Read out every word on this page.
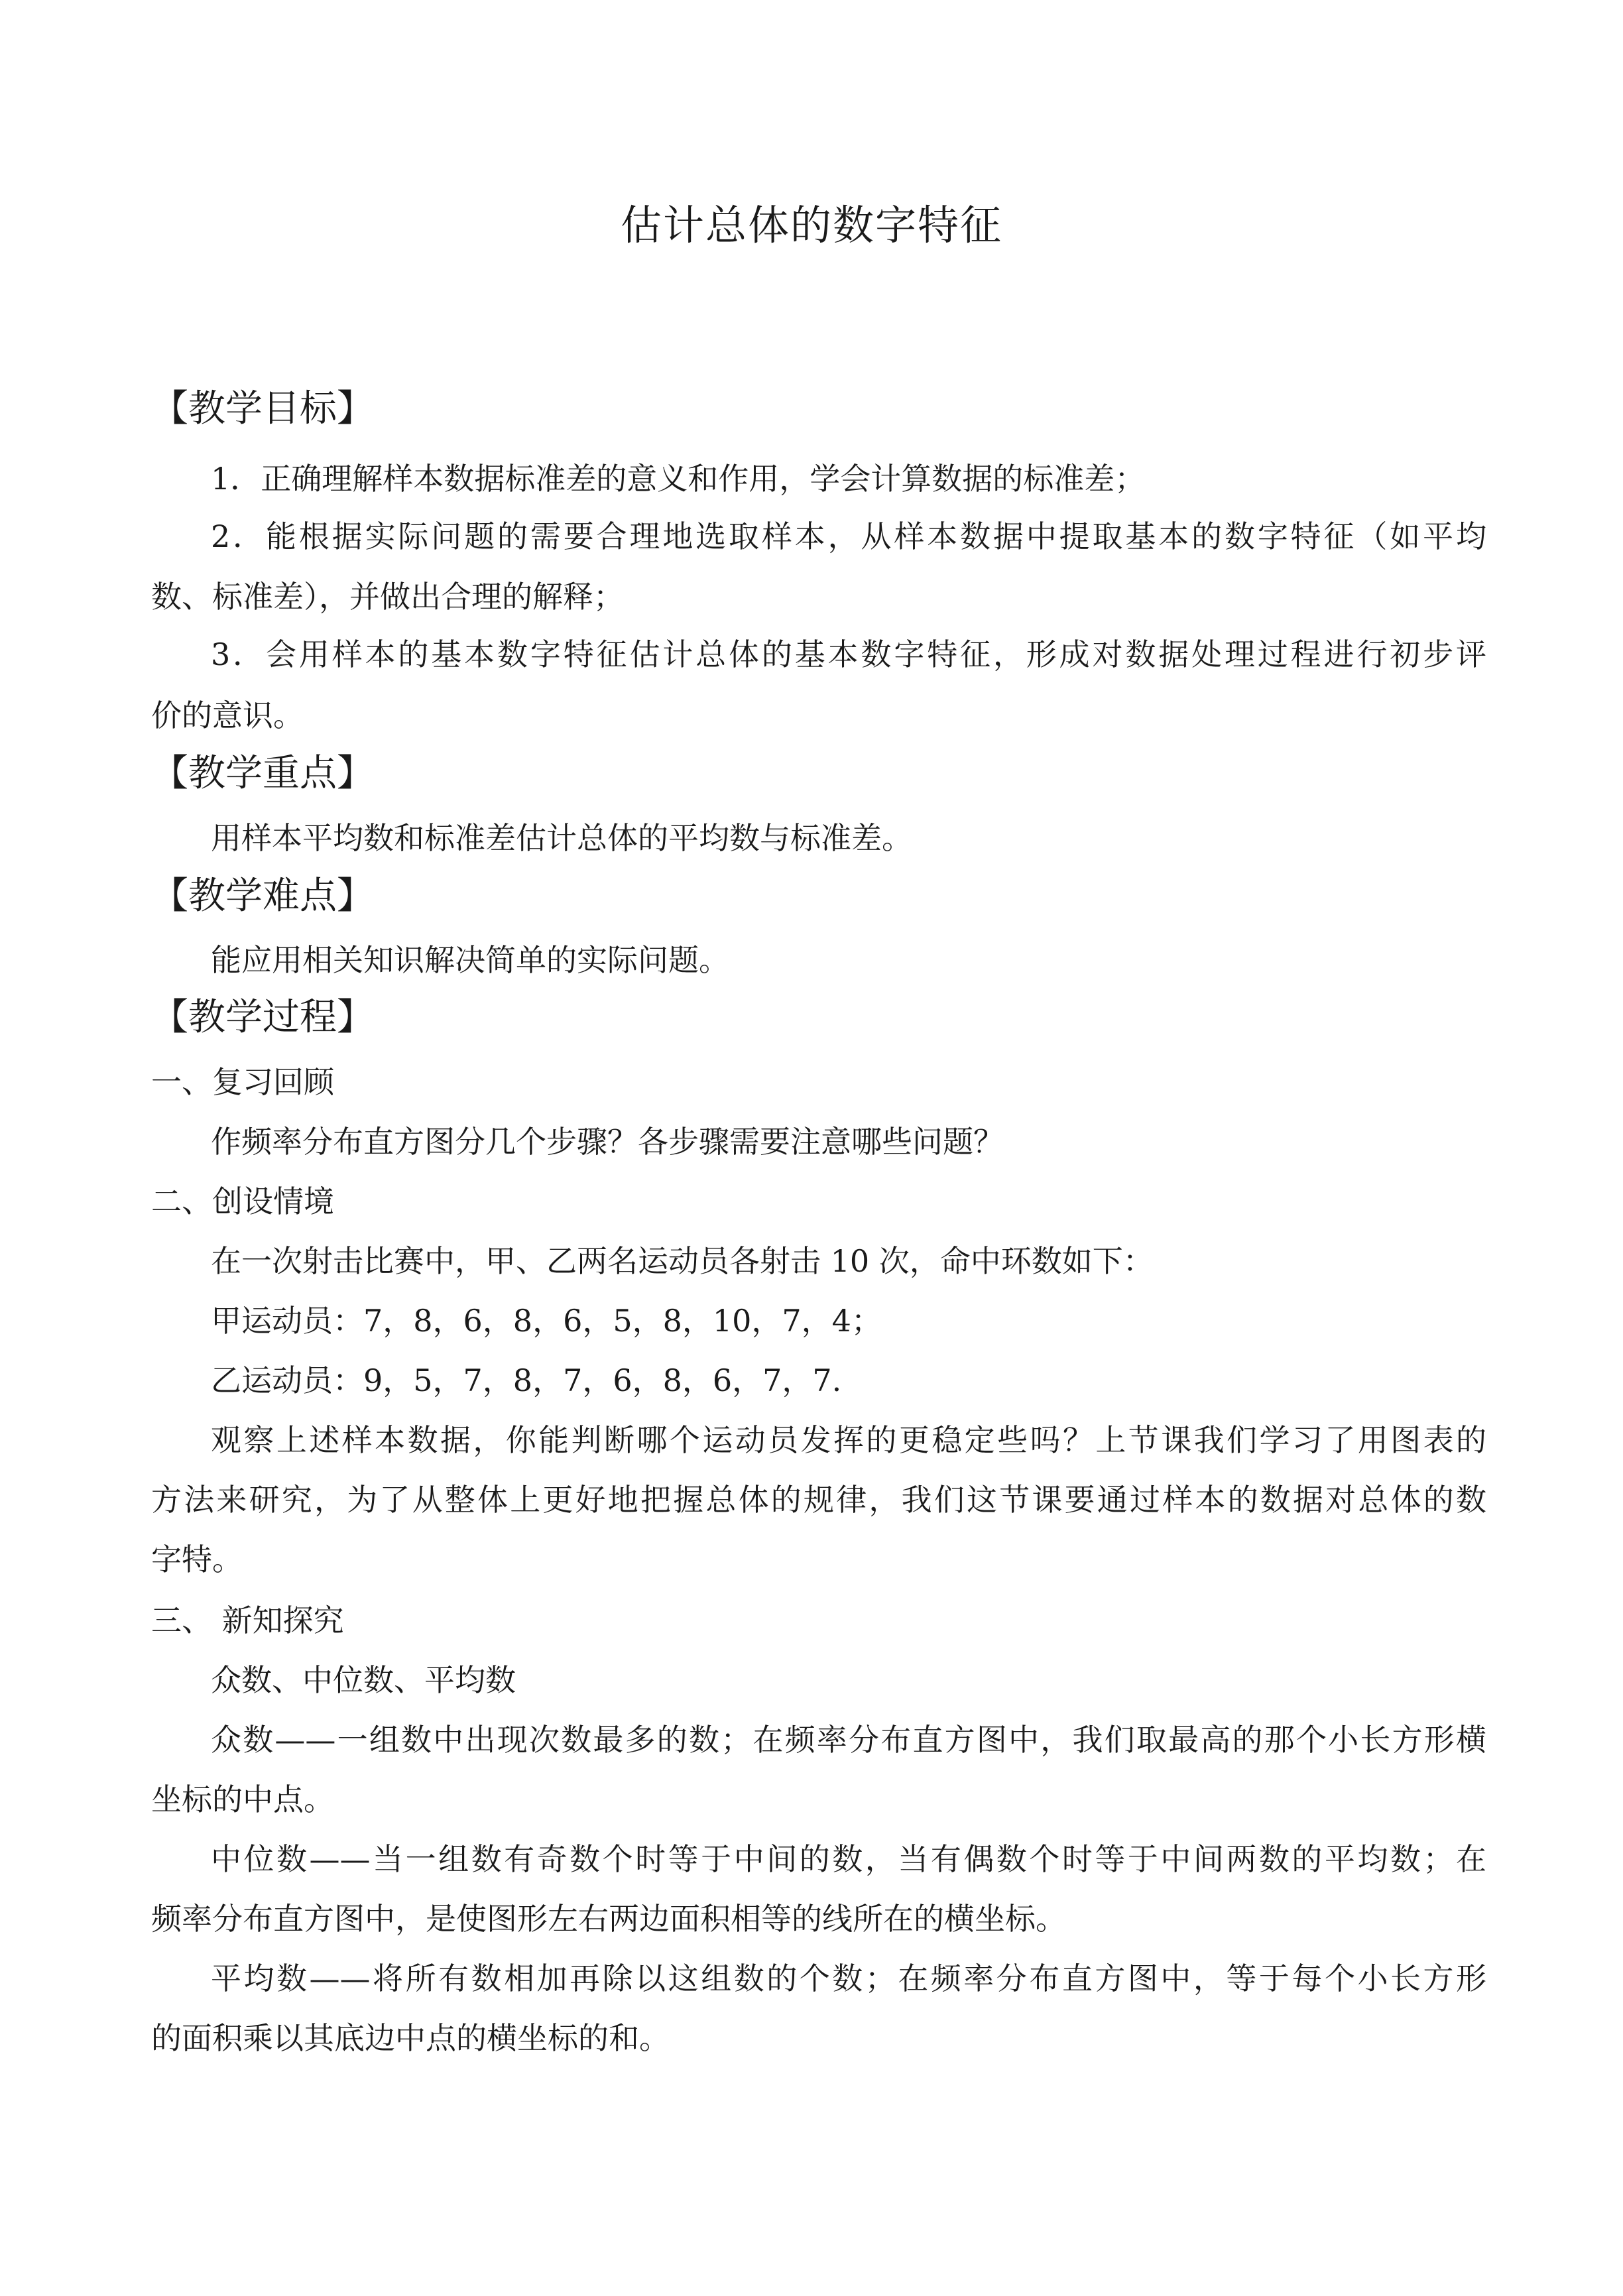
估计总体的数字特征
【教学目标】
1．正确理解样本数据标准差的意义和作用，学会计算数据的标准差；
2．能根据实际问题的需要合理地选取样本，从样本数据中提取基本的数字特征（如平均
数、标准差），并做出合理的解释；
3．会用样本的基本数字特征估计总体的基本数字特征，形成对数据处理过程进行初步评
价的意识。
【教学重点】
用样本平均数和标准差估计总体的平均数与标准差。
【教学难点】
能应用相关知识解决简单的实际问题。
【教学过程】
一、复习回顾
作频率分布直方图分几个步骤？各步骤需要注意哪些问题？
二、创设情境
在一次射击比赛中，甲、乙两名运动员各射击 10 次，命中环数如下：
甲运动员：7，8，6，8，6，5，8，10，7，4；
乙运动员：9，5，7，8，7，6，8，6，7，7.
观察上述样本数据，你能判断哪个运动员发挥的更稳定些吗？上节课我们学习了用图表的
方法来研究，为了从整体上更好地把握总体的规律，我们这节课要通过样本的数据对总体的数
字特。
三、 新知探究
众数、中位数、平均数
众数——一组数中出现次数最多的数；在频率分布直方图中，我们取最高的那个小长方形横
坐标的中点。
中位数——当一组数有奇数个时等于中间的数，当有偶数个时等于中间两数的平均数；在
频率分布直方图中，是使图形左右两边面积相等的线所在的横坐标。
平均数——将所有数相加再除以这组数的个数；在频率分布直方图中，等于每个小长方形
的面积乘以其底边中点的横坐标的和。
